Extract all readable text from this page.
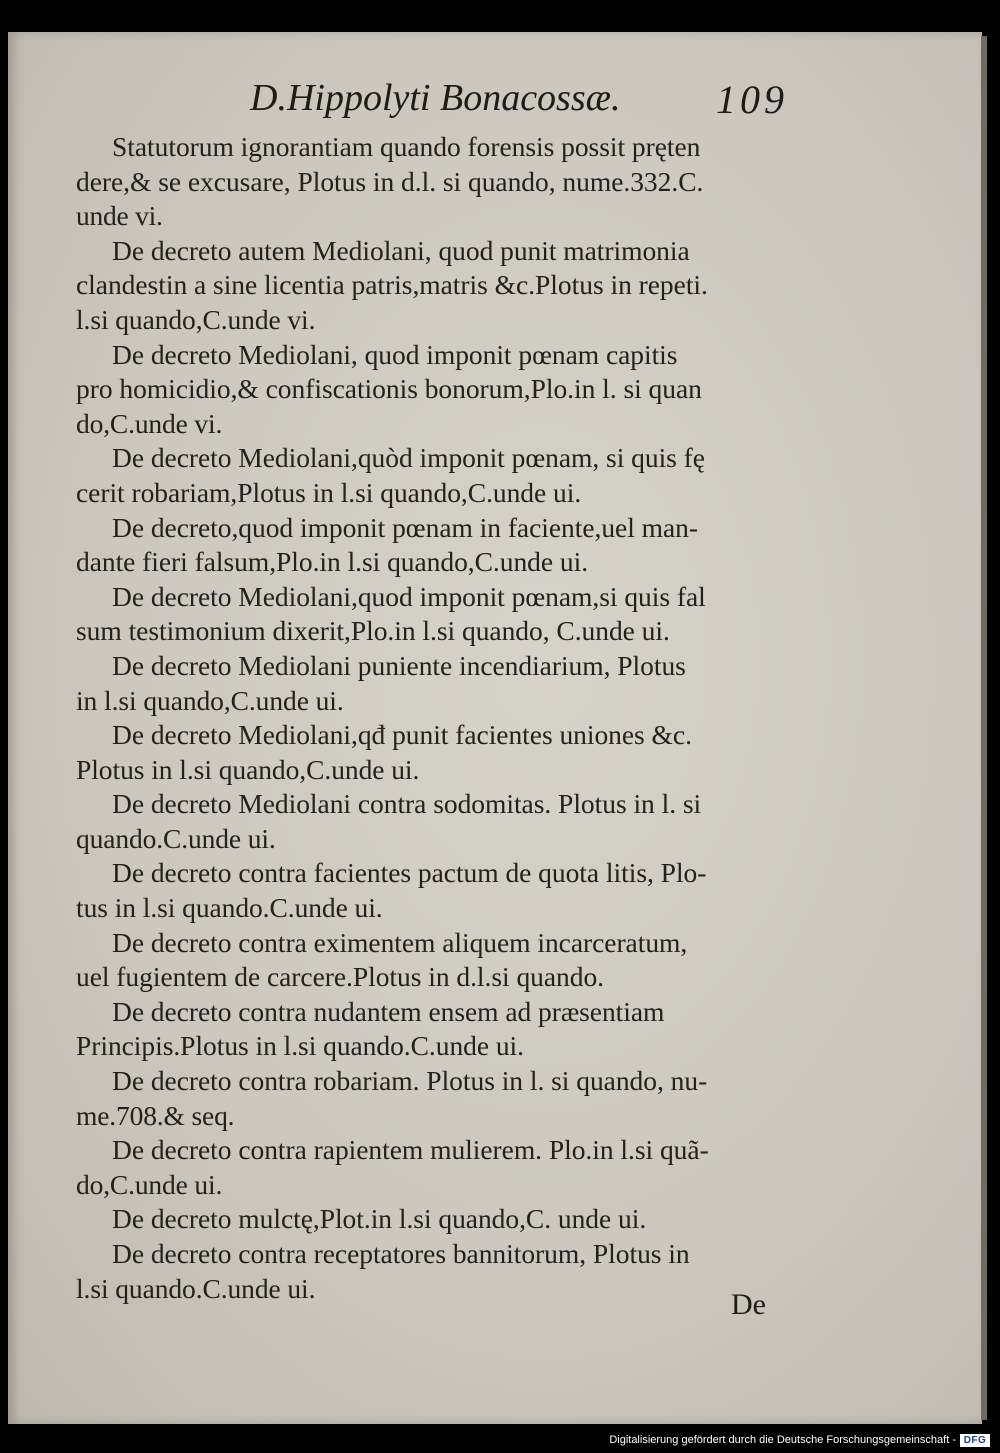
D.Hippolyti Bonacossæ. 109
Statutorum ignorantiam quando forensis possit pręten
dere,& se excusare, Plotus in d.l. si quando, nume.332.C.
unde vi.
De decreto autem Mediolani, quod punit matrimonia
clandestin a sine licentia patris,matris &c.Plotus in repeti.
l.si quando,C.unde vi.
De decreto Mediolani, quod imponit pœnam capitis
pro homicidio,& confiscationis bonorum,Plo.in l. si quan
do,C.unde vi.
De decreto Mediolani,quòd imponit pœnam, si quis fę
cerit robariam,Plotus in l.si quando,C.unde ui.
De decreto,quod imponit pœnam in faciente,uel man-
dante fieri falsum,Plo.in l.si quando,C.unde ui.
De decreto Mediolani,quod imponit pœnam,si quis fal
sum testimonium dixerit,Plo.in l.si quando, C.unde ui.
De decreto Mediolani puniente incendiarium, Plotus
in l.si quando,C.unde ui.
De decreto Mediolani,qđ punit facientes uniones &c.
Plotus in l.si quando,C.unde ui.
De decreto Mediolani contra sodomitas. Plotus in l. si
quando.C.unde ui.
De decreto contra facientes pactum de quota litis, Plo-
tus in l.si quando.C.unde ui.
De decreto contra eximentem aliquem incarceratum,
uel fugientem de carcere.Plotus in d.l.si quando.
De decreto contra nudantem ensem ad præsentiam
Principis.Plotus in l.si quando.C.unde ui.
De decreto contra robariam. Plotus in l. si quando, nu-
me.708.& seq.
De decreto contra rapientem mulierem. Plo.in l.si quã-
do,C.unde ui.
De decreto mulctę,Plot.in l.si quando,C. unde ui.
De decreto contra receptatores bannitorum, Plotus in
l.si quando.C.unde ui.	De
Digitalisierung gefördert durch die Deutsche Forschungsgemeinschaft - DFG
